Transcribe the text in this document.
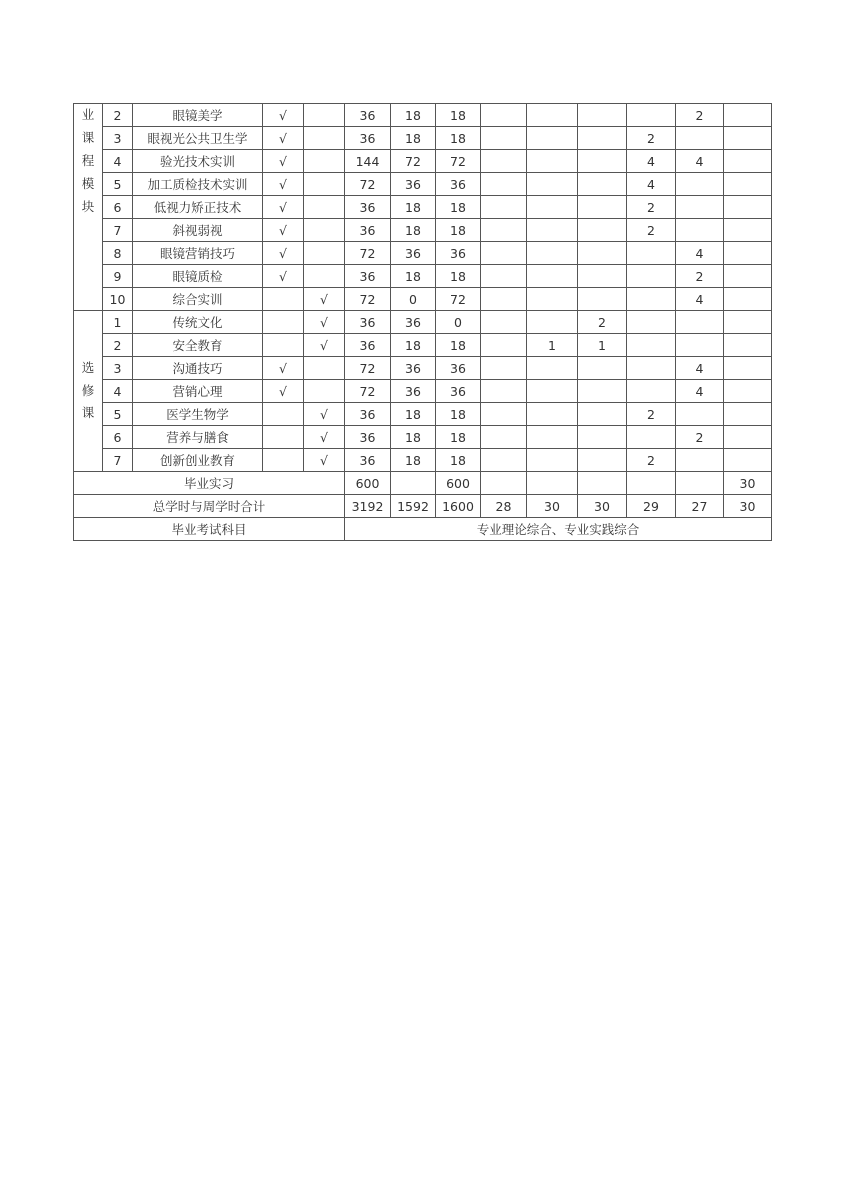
业
课
程
模
块	2	眼镜美学	√		36	18	18					2	
	3	眼视光公共卫生学	√		36	18	18				2		
	4	验光技术实训	√		144	72	72				4	4	
	5	加工质检技术实训	√		72	36	36				4		
	6	低视力矫正技术	√		36	18	18				2		
	7	斜视弱视	√		36	18	18				2		
	8	眼镜营销技巧	√		72	36	36					4	
	9	眼镜质检	√		36	18	18					2	
	10	综合实训		√	72	0	72					4	

选
修
课	1	传统文化		√	36	36	0			2			
	2	安全教育		√	36	18	18		1	1			
	3	沟通技巧	√		72	36	36					4	
	4	营销心理	√		72	36	36					4	
	5	医学生物学		√	36	18	18				2		
	6	营养与膳食		√	36	18	18					2	
	7	创新创业教育		√	36	18	18				2		
毕业实习					600		600						30
总学时与周学时合计					3192	1592	1600	28	30	30	29	27	30
毕业考试科目					专业理论综合、专业实践综合								
